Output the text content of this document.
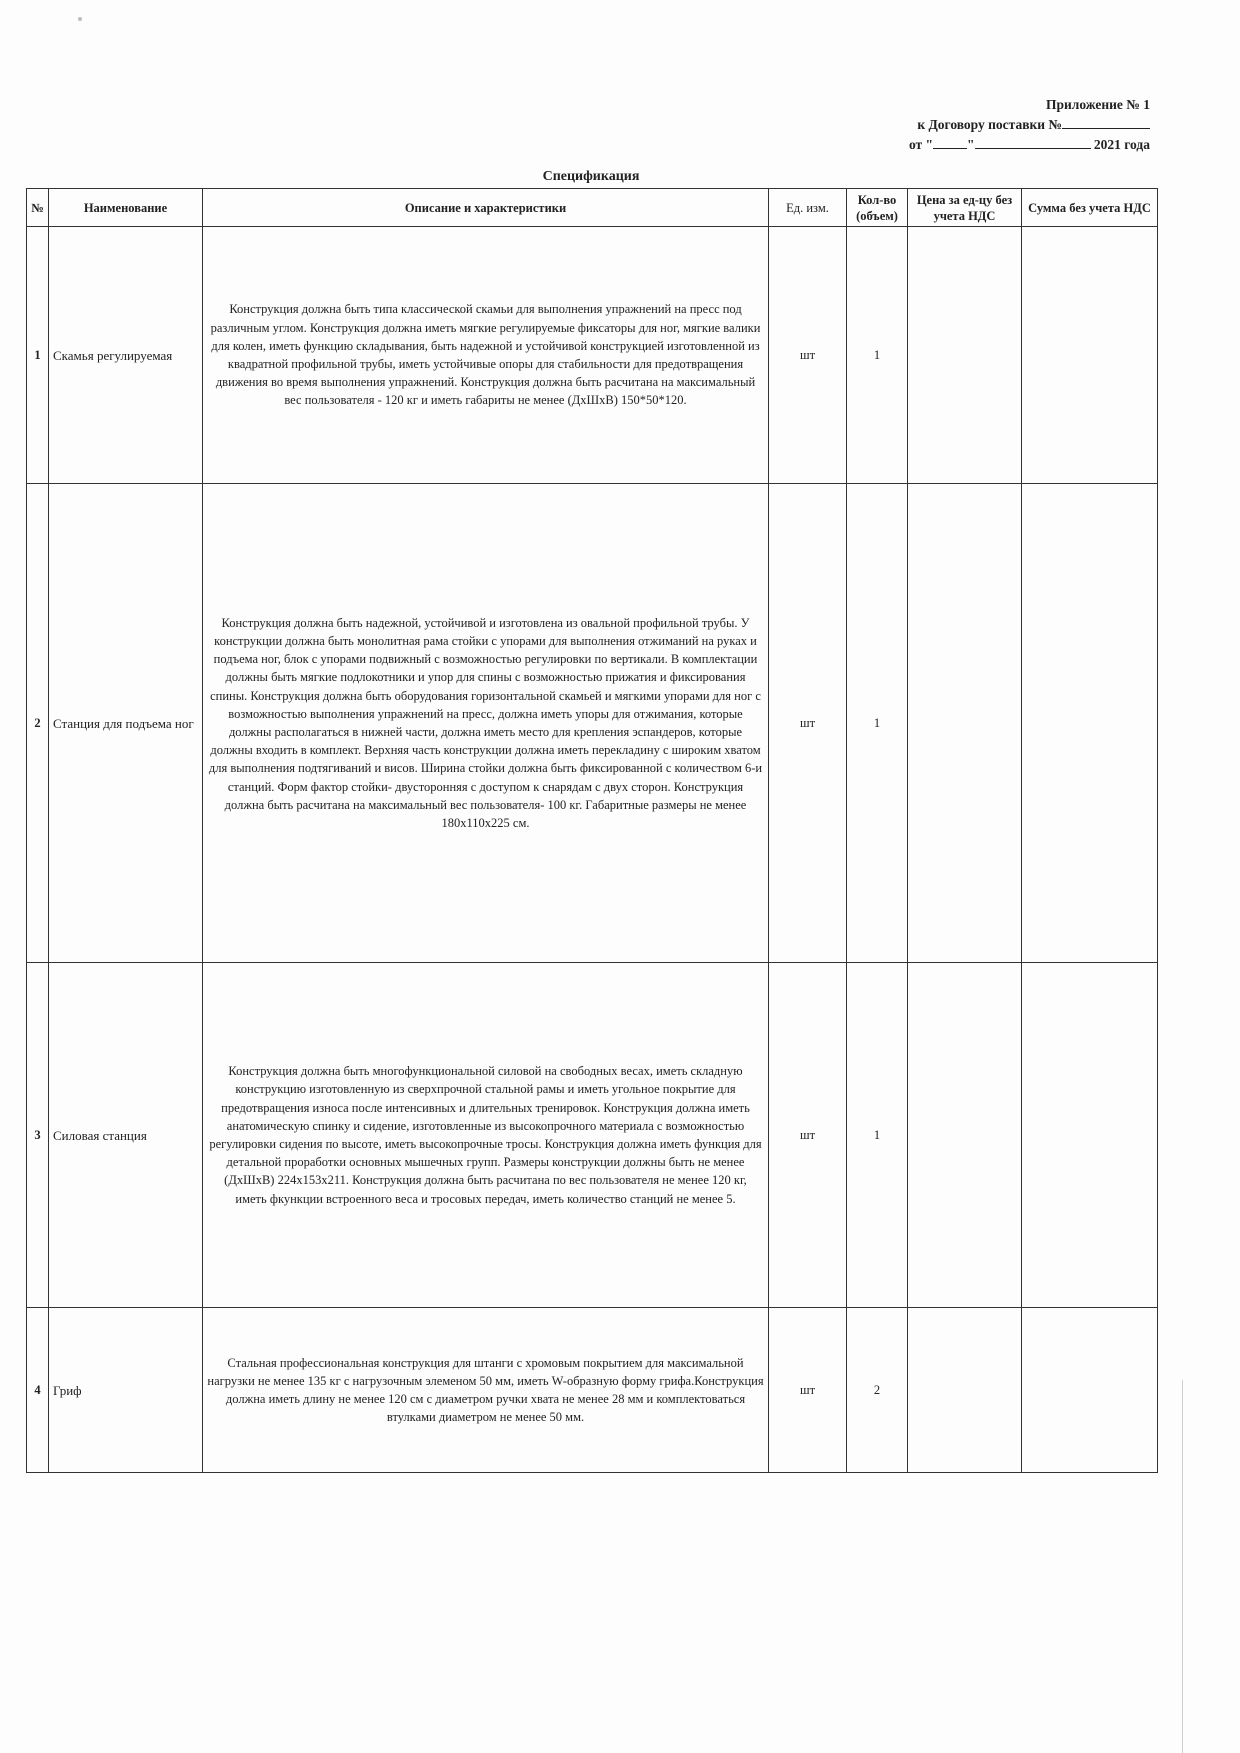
Приложение № 1
к Договору поставки №
от "	"	2021 года
Спецификация
№	Наименование	Описание и характеристики	Ед. изм.	Кол-во (объем)	Цена за ед-цу без учета НДС	Сумма без учета НДС
1	Скамья регулируемая	Конструкция должна быть типа классической скамьи для выполнения упражнений на пресс под различным углом. Конструкция должна иметь мягкие регулируемые фиксаторы для ног, мягкие валики для колен, иметь функцию складывания, быть надежной и устойчивой конструкцией изготовленной из квадратной профильной трубы, иметь устойчивые опоры для стабильности для предотвращения движения во время выполнения упражнений. Конструкция должна быть расчитана на максимальный вес пользователя - 120 кг и иметь габариты не менее (ДхШхВ) 150*50*120.	шт	1		
2	Станция для подъема ног	Конструкция должна быть надежной, устойчивой и изготовлена из овальной профильной трубы. У конструкции должна быть монолитная рама стойки с упорами для выполнения отжиманий на руках и подъема ног, блок с упорами подвижный с возможностью регулировки по вертикали. В комплектации должны быть мягкие подлокотники и упор для спины с возможностью прижатия и фиксирования спины. Конструкция должна быть оборудования горизонтальной скамьей и мягкими упорами для ног с возможностью выполнения упражнений на пресс, должна иметь упоры для отжимания, которые должны располагаться в нижней части, должна иметь место для крепления эспандеров, которые должны входить в комплект. Верхняя часть конструкции должна иметь перекладину с широким хватом для выполнения подтягиваний и висов. Ширина стойки должна быть фиксированной с количеством 6-и станций. Форм фактор стойки- двусторонняя с доступом к снарядам с двух сторон. Конструкция должна быть расчитана на максимальный вес пользователя- 100 кг. Габаритные размеры не менее 180х110х225 см.	шт	1		
3	Силовая станция	Конструкция должна быть многофункциональной силовой на свободных весах, иметь складную конструкцию изготовленную из сверхпрочной стальной рамы и иметь угольное покрытие для предотвращения износа после интенсивных и длительных тренировок. Конструкция должна иметь анатомическую спинку и сидение, изготовленные из высокопрочного материала с возможностью регулировки сидения по высоте, иметь высокопрочные тросы. Конструкция должна иметь функция для детальной проработки основных мышечных групп. Размеры конструкции должны быть не менее (ДхШхВ) 224х153х211. Конструкция должна быть расчитана по вес пользователя не менее 120 кг, иметь фкункции встроенного веса и тросовых передач, иметь количество станций не менее 5.	шт	1		
4	Гриф	Стальная профессиональная конструкция для штанги с хромовым покрытием для максимальной нагрузки не менее 135 кг с нагрузочным элеменом 50 мм, иметь W-образную форму грифа.Конструкция должна иметь длину не менее 120 см с диаметром ручки хвата не менее 28 мм и комплектоваться втулками диаметром не менее 50 мм.	шт	2		
